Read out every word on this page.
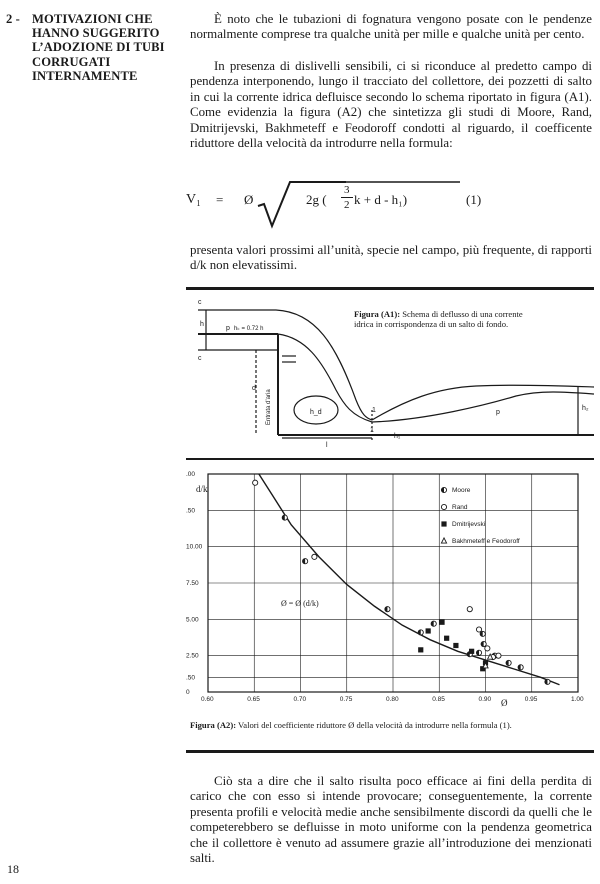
2 - MOTIVAZIONI CHE HANNO SUGGERITO L’ADOZIONE DI TUBI CORRUGATI INTERNAMENTE
È noto che le tubazioni di fognatura vengono posate con le pendenze normalmente comprese tra qualche unità per mille e qualche unità per cento.
In presenza di dislivelli sensibili, ci si riconduce al predetto campo di pendenza interponendo, lungo il tracciato del collettore, dei pozzetti di salto in cui la corrente idrica defluisce secondo lo schema riportato in figura (A1). Come evidenzia la figura (A2) che sintetizza gli studi di Moore, Rand, Dmitrijevski, Bakhmeteff e Feodoroff condotti al riguardo, il coefficente riduttore della velocità da introdurre nella formula:
V₁ = Ø	2g (
3
2 k + d - h₁)	(1)
presenta valori prossimi all’unità, specie nel campo, più frequente, di rapporti d/k non elevatissimi.
c
h
c
p hₖ = 0.72 h
d
Entrata d’aria	h_d	1
l
1
h₁
p
h₂
Figura (A1): Schema di deflusso di una corrente idrica in corrispondenza di un salto di fondo.
0.60	0.65	0.70	0.75	0.80	0.85	0.90	0.95	1.00
0
.50
2.50
5.00
7.50
10.00
.50
.00
Moore
Rand
Dmitrijevski
Bakhmeteff e Feodoroff
d/k
Ø
Ø = Ø (d/k)
Figura (A2): Valori del coefficiente riduttore Ø della velocità da introdurre nella formula (1).
Ciò sta a dire che il salto risulta poco efficace ai fini della perdita di carico che con esso si intende provocare; conseguentemente, la corrente presenta profili e velocità medie anche sensibilmente discordi da quelli che le competerebbero se defluisse in moto uniforme con la pendenza geometrica che il collettore è venuto ad assumere grazie all’introduzione dei menzionati salti.
18
